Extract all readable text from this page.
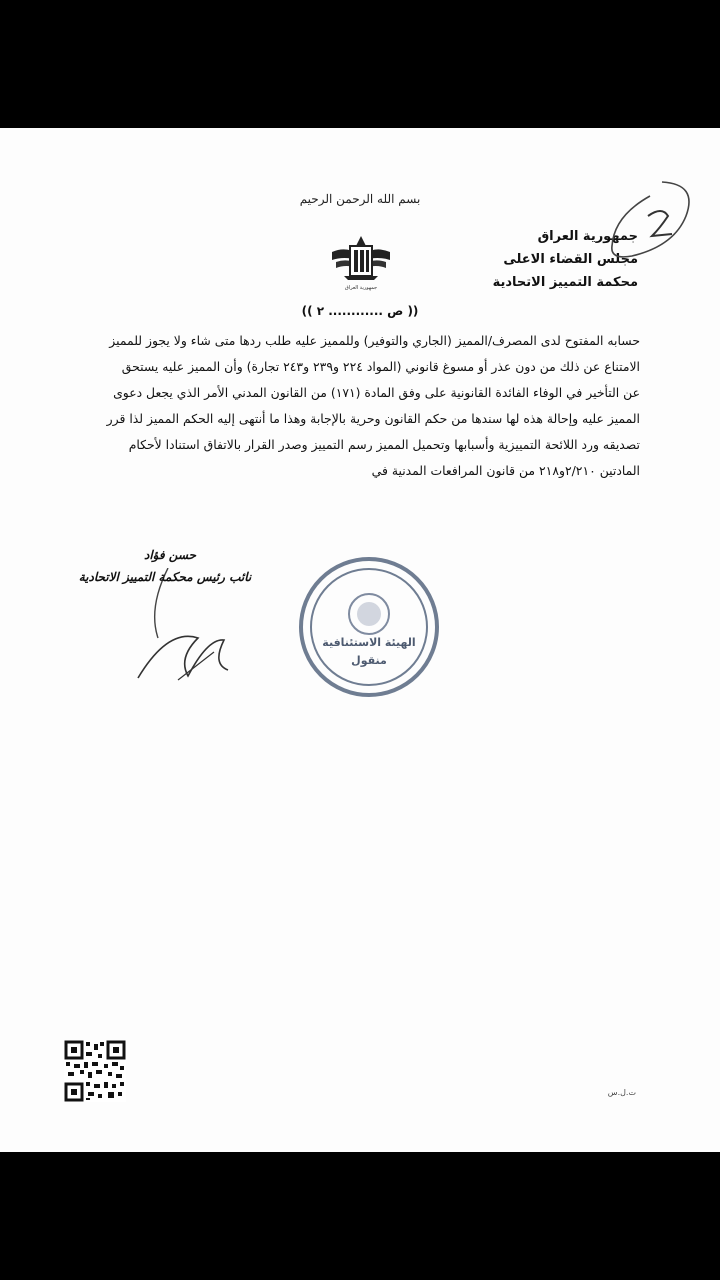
بسم الله الرحمن الرحيم
جمهورية العراق
مجلس القضاء الاعلى
محكمة التمييز الاتحادية
جمهورية العراق
(( ص ............ ٢ ))

حسابه المفتوح لدى المصرف/المميز (الجاري والتوفير) وللمميز عليه طلب ردها متى شاء ولا يجوز للمميز

الامتناع عن ذلك من دون عذر أو مسوغ قانوني (المواد ٢٢٤ و٢٣٩ و٢٤٣ تجارة) وأن المميز عليه يستحق

عن التأخير في الوفاء الفائدة القانونية على وفق المادة (١٧١) من القانون المدني الأمر الذي يجعل دعوى

المميز عليه وإحالة هذه لها سندها من حكم القانون وحرية بالإجابة وهذا ما أنتهى إليه الحكم المميز لذا قرر

تصديقه ورد اللائحة التمييزية وأسبابها وتحميل المميز رسم التمييز وصدر القرار بالاتفاق استنادا لأحكام

المادتين ٢/٢١٠و٢١٨ من قانون المرافعات المدنية في

حسن فؤاد
نائب رئيس محكمة التمييز الاتحادية
الهيئة الاستئنافية
منقول
ت.ل.س
